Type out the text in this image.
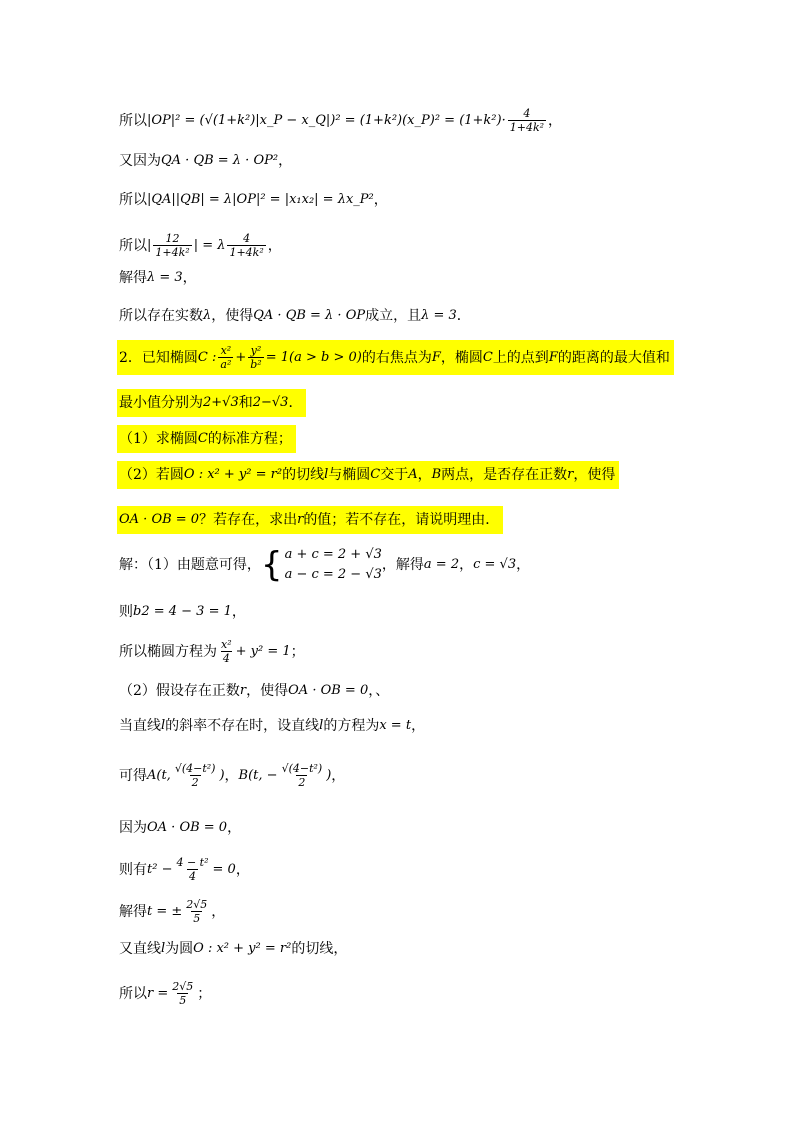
所以 |OP|² = (√(1+k²)|x_P − x_Q|)² = (1+k²)(x_P)² = $(1+k^2)\cdot \frac{4}{\text{1+4k²}}$ ，
又因为 QA · QB = λ · OP² ，
所以 |QA||QB| = λ|OP|² = |x₁x₂| = λx_P² ，
所以 | $\frac{12}{\text{1+4k²}}$ | = λ $\frac{4}{\text{1+4k²}}$ ，
解得 λ = 3 ，
所以存在实数 λ ，使得 QA · QB = λ · OP 成立，且 λ = 3 ．
2．已知椭圆 C : $\frac{\text{x²}}{\text{a²}} + \frac{\text{y²}}{\text{b²}} = 1(a > b > 0)$ 的右焦点为 F ，椭圆 C 上的点到 F 的距离的最大值和
最小值分别为 2+√3 和 2−√3 ．
（1）求椭圆 C 的标准方程；
（2）若圆 O : x² + y² = r² 的切线 l 与椭圆 C 交于 A ， B 两点，是否存在正数 r ，使得
OA · OB = 0 ？若存在，求出 r 的值；若不存在，请说明理由．
解：（1）由题意可得， { a + c = 2 + √3
a − c = 2 − √3
，解得 a = 2 ， c = √3 ，
则 b2 = 4 − 3 = 1 ，
所以椭圆方程为 $\frac{\text{x²}}{4} + y^2 = 1$ ；
（2）假设存在正数 r ，使得 OA · OB = 0 ，、
当直线 l 的斜率不存在时，设直线 l 的方程为 x = t ，
可得 A(t, $\frac{\text{√(4−t²)}}{2}$ ) ， B(t, − $\frac{\text{√(4−t²)}}{2}$ ) ，
因为 OA · OB = 0 ，
则有 $t^2 - \frac{\text{4 − t²}}{4} = 0$ ，
解得 t = ± $\frac{2√5}{5}$ ，
又直线 l 为圆 O : x² + y² = r² 的切线，
所以 $r = \frac{2√5}{5}$ ；
